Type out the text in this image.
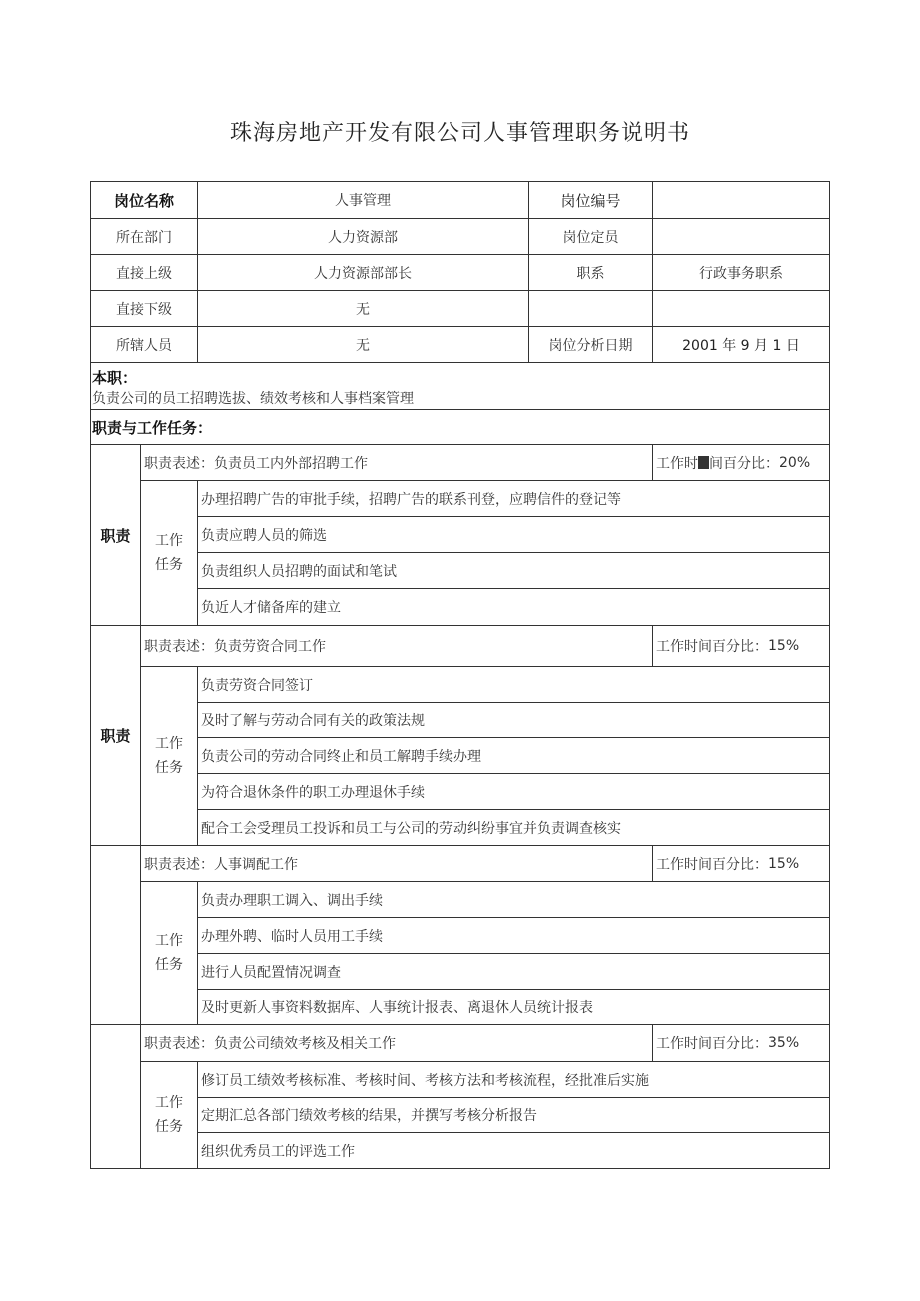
珠海房地产开发有限公司人事管理职务说明书
岗位名称	人事管理	岗位编号
所在部门	人力资源部	岗位定员
直接上级	人力资源部部长	职系	行政事务职系
直接下级	无
所辖人员	无	岗位分析日期	2001 年 9 月 1 日
本职：
负责公司的员工招聘选拔、绩效考核和人事档案管理
职责与工作任务：
职责
职责表述：负责员工内外部招聘工作	工作时 间百分比： 20%
工作
任务
办理招聘广告的审批手续，招聘广告的联系刊登，应聘信件的登记等
负责应聘人员的筛选
负责组织人员招聘的面试和笔试
负近人才储备库的建立
职责
职责表述：负责劳资合同工作	工作时间百分比： 15%
工作
任务
负责劳资合同签订
及时了解与劳动合同有关的政策法规
负责公司的劳动合同终止和员工解聘手续办理
为符合退休条件的职工办理退休手续
配合工会受理员工投诉和员工与公司的劳动纠纷事宜并负责调查核实
职责表述：人事调配工作	工作时间百分比： 15%
工作
任务
负责办理职工调入、调出手续
办理外聘、临时人员用工手续
进行人员配置情况调查
及时更新人事资料数据库、人事统计报表、离退休人员统计报表
职责表述：负责公司绩效考核及相关工作	工作时间百分比： 35%
工作
任务
修订员工绩效考核标准、考核时间、考核方法和考核流程，经批准后实施
定期汇总各部门绩效考核的结果，并撰写考核分析报告
组织优秀员工的评选工作
